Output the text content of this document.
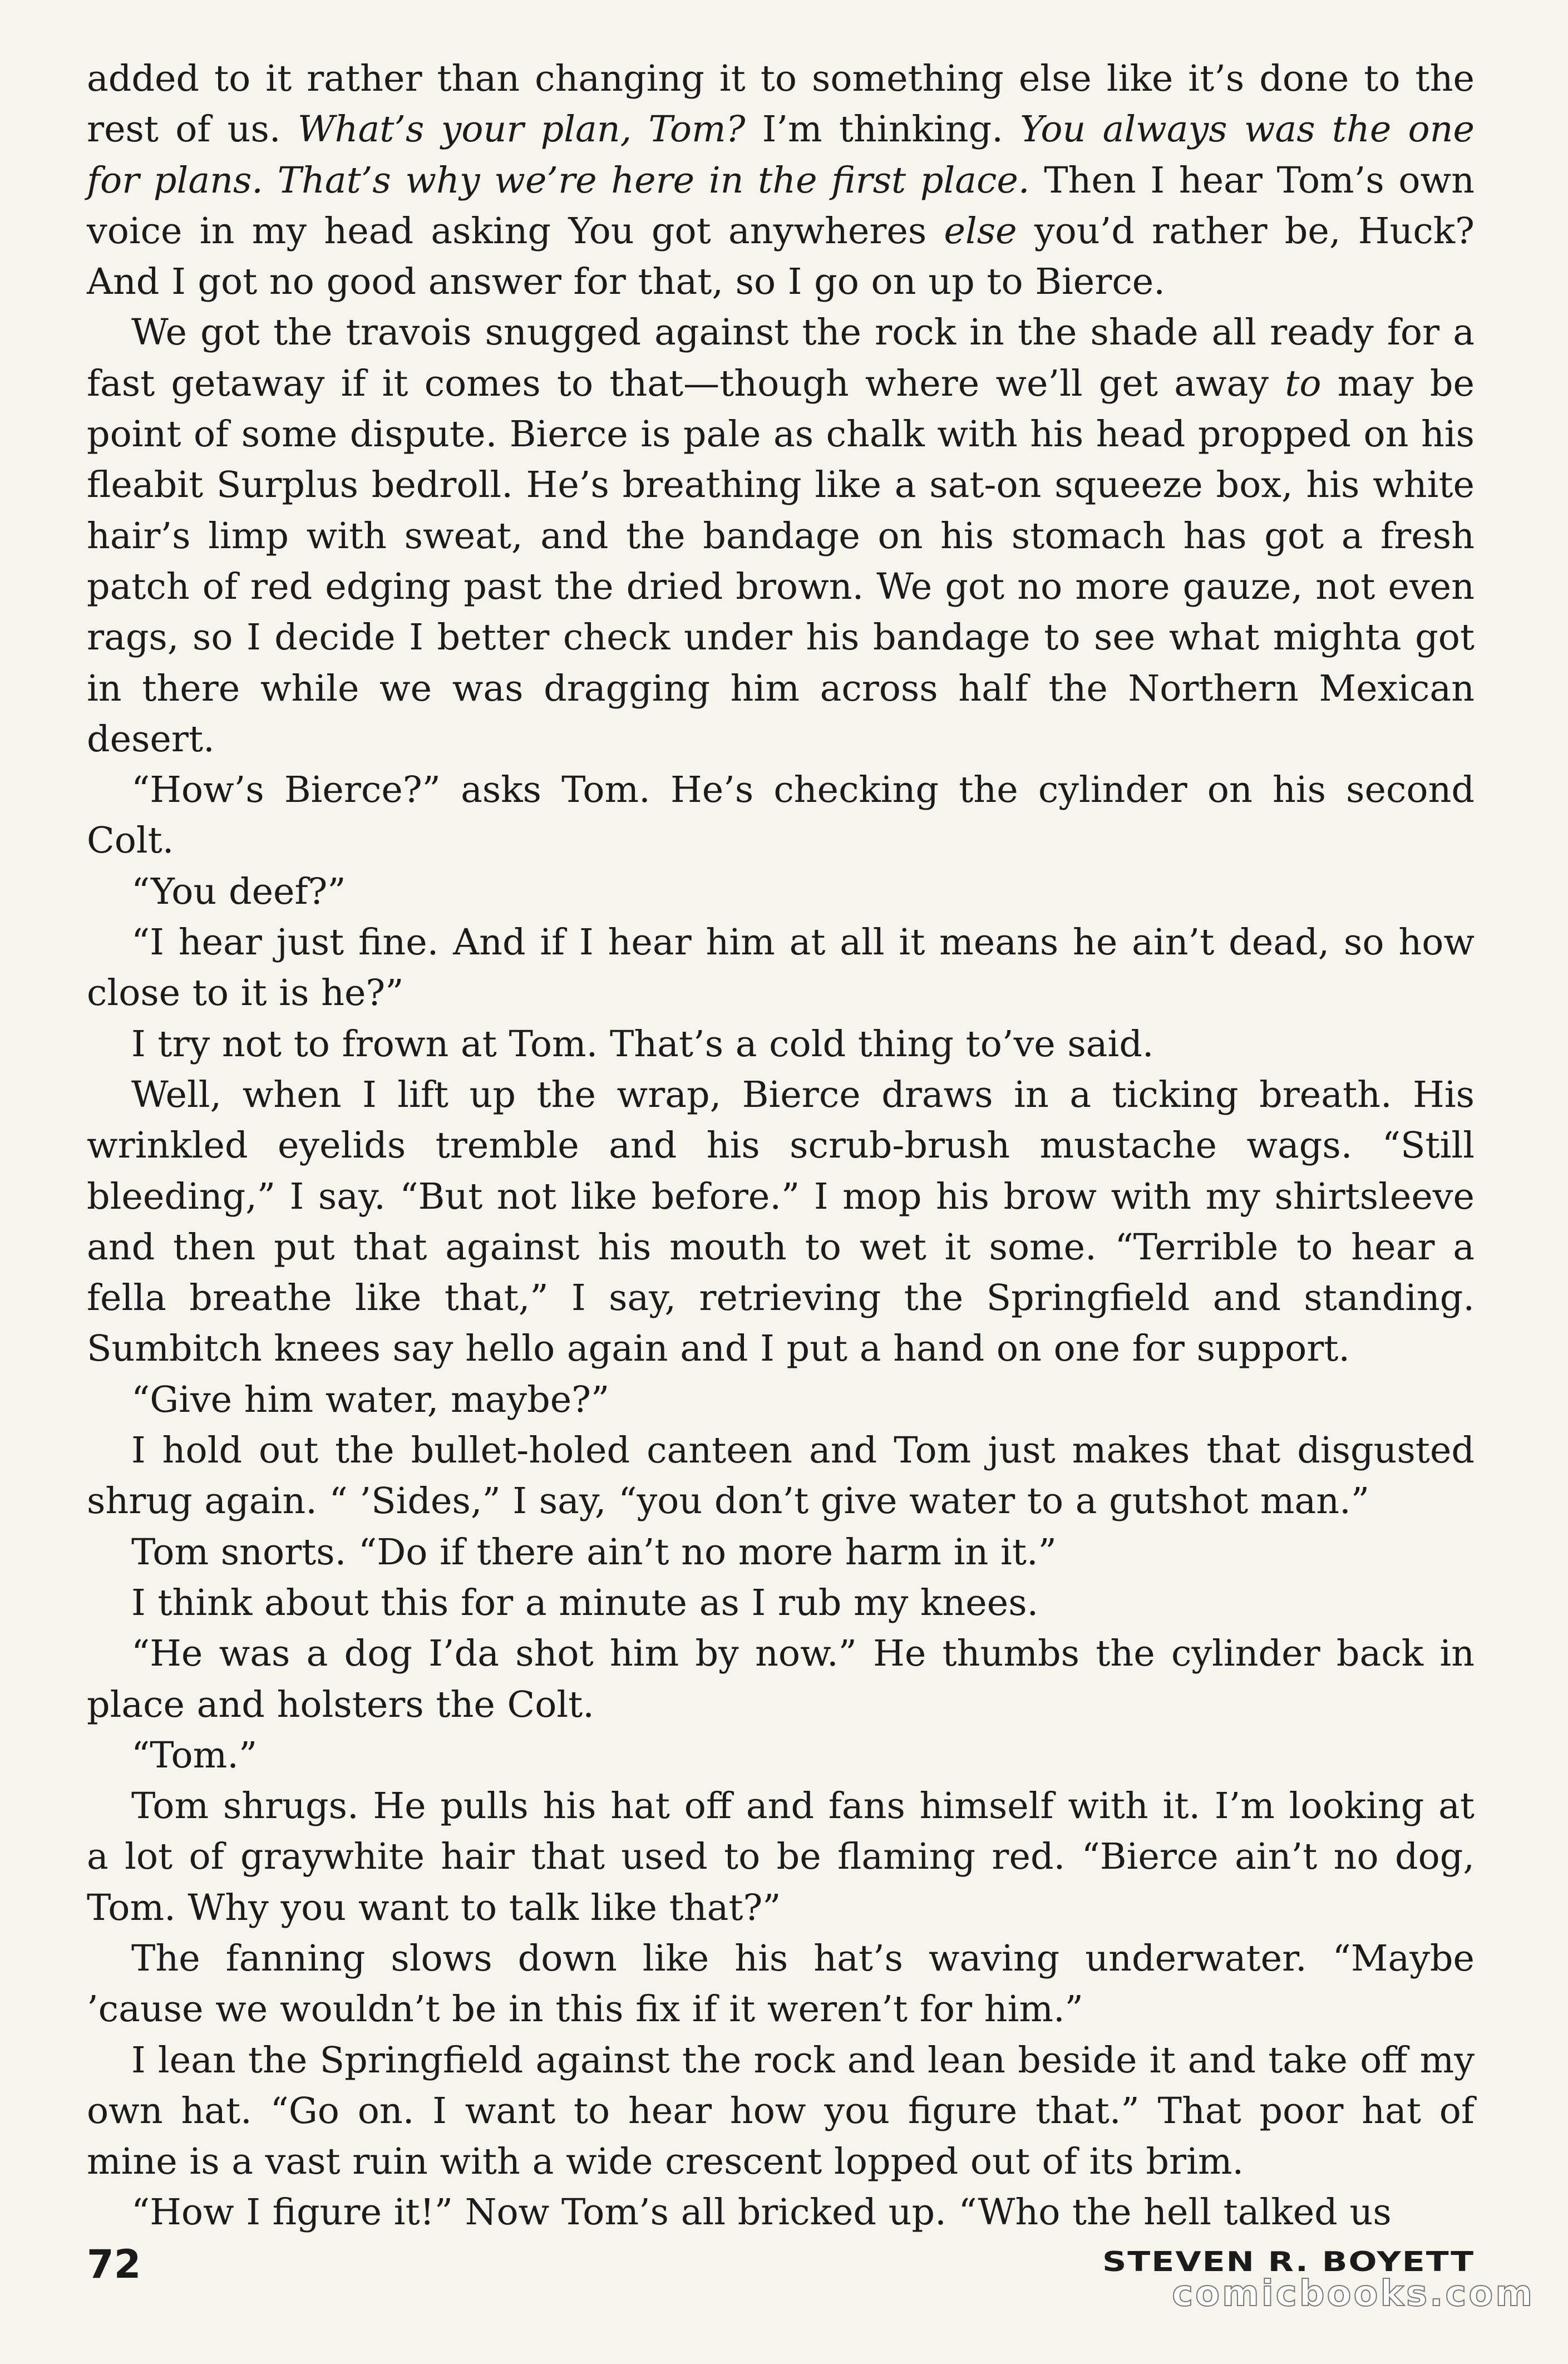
added to it rather than changing it to something else like it’s done to the rest of us. What’s your plan, Tom? I’m thinking. You always was the one for plans. That’s why we’re here in the first place. Then I hear Tom’s own voice in my head asking You got anywheres else you’d rather be, Huck? And I got no good answer for that, so I go on up to Bierce.

We got the travois snugged against the rock in the shade all ready for a fast getaway if it comes to that—though where we’ll get away to may be point of some dispute. Bierce is pale as chalk with his head propped on his fleabit Surplus bedroll. He’s breathing like a sat-on squeeze box, his white hair’s limp with sweat, and the bandage on his stomach has got a fresh patch of red edging past the dried brown. We got no more gauze, not even rags, so I decide I better check under his bandage to see what mighta got in there while we was dragging him across half the Northern Mexican desert.

“How’s Bierce?” asks Tom. He’s checking the cylinder on his second Colt.

“You deef?”

“I hear just fine. And if I hear him at all it means he ain’t dead, so how close to it is he?”

I try not to frown at Tom. That’s a cold thing to’ve said.

Well, when I lift up the wrap, Bierce draws in a ticking breath. His wrinkled eyelids tremble and his scrub-brush mustache wags. “Still bleeding,” I say. “But not like before.” I mop his brow with my shirtsleeve and then put that against his mouth to wet it some. “Terrible to hear a fella breathe like that,” I say, retrieving the Springfield and standing. Sumbitch knees say hello again and I put a hand on one for support.

“Give him water, maybe?”

I hold out the bullet-holed canteen and Tom just makes that disgusted shrug again. “ ’Sides,” I say, “you don’t give water to a gutshot man.”

Tom snorts. “Do if there ain’t no more harm in it.”

I think about this for a minute as I rub my knees.

“He was a dog I’da shot him by now.” He thumbs the cylinder back in place and holsters the Colt.

“Tom.”

Tom shrugs. He pulls his hat off and fans himself with it. I’m looking at a lot of graywhite hair that used to be flaming red. “Bierce ain’t no dog, Tom. Why you want to talk like that?”

The fanning slows down like his hat’s waving underwater. “Maybe ’cause we wouldn’t be in this fix if it weren’t for him.”

I lean the Springfield against the rock and lean beside it and take off my own hat. “Go on. I want to hear how you figure that.” That poor hat of mine is a vast ruin with a wide crescent lopped out of its brim.

“How I figure it!” Now Tom’s all bricked up. “Who the hell talked us

72	STEVEN R. BOYETT
comicbooks.com
